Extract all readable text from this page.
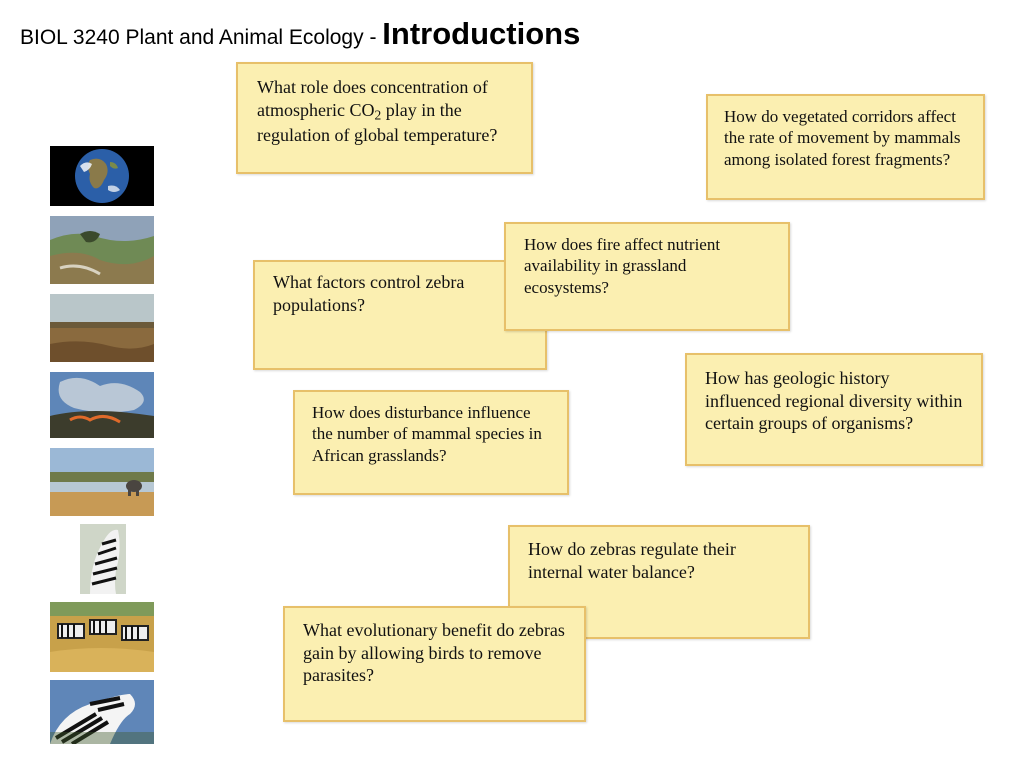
BIOL 3240 Plant and Animal Ecology - Introductions
What role does concentration of atmospheric $CO_2$ play in the regulation of global temperature?
How do vegetated corridors affect the rate of movement by mammals among isolated forest fragments?
What factors control zebra populations?
How does fire affect nutrient availability in grassland ecosystems?
How has geologic history influenced regional diversity within certain groups of organisms?
How does disturbance influence the number of mammal species in African grasslands?
How do zebras regulate their internal water balance?
What evolutionary benefit do zebras gain by allowing birds to remove parasites?
